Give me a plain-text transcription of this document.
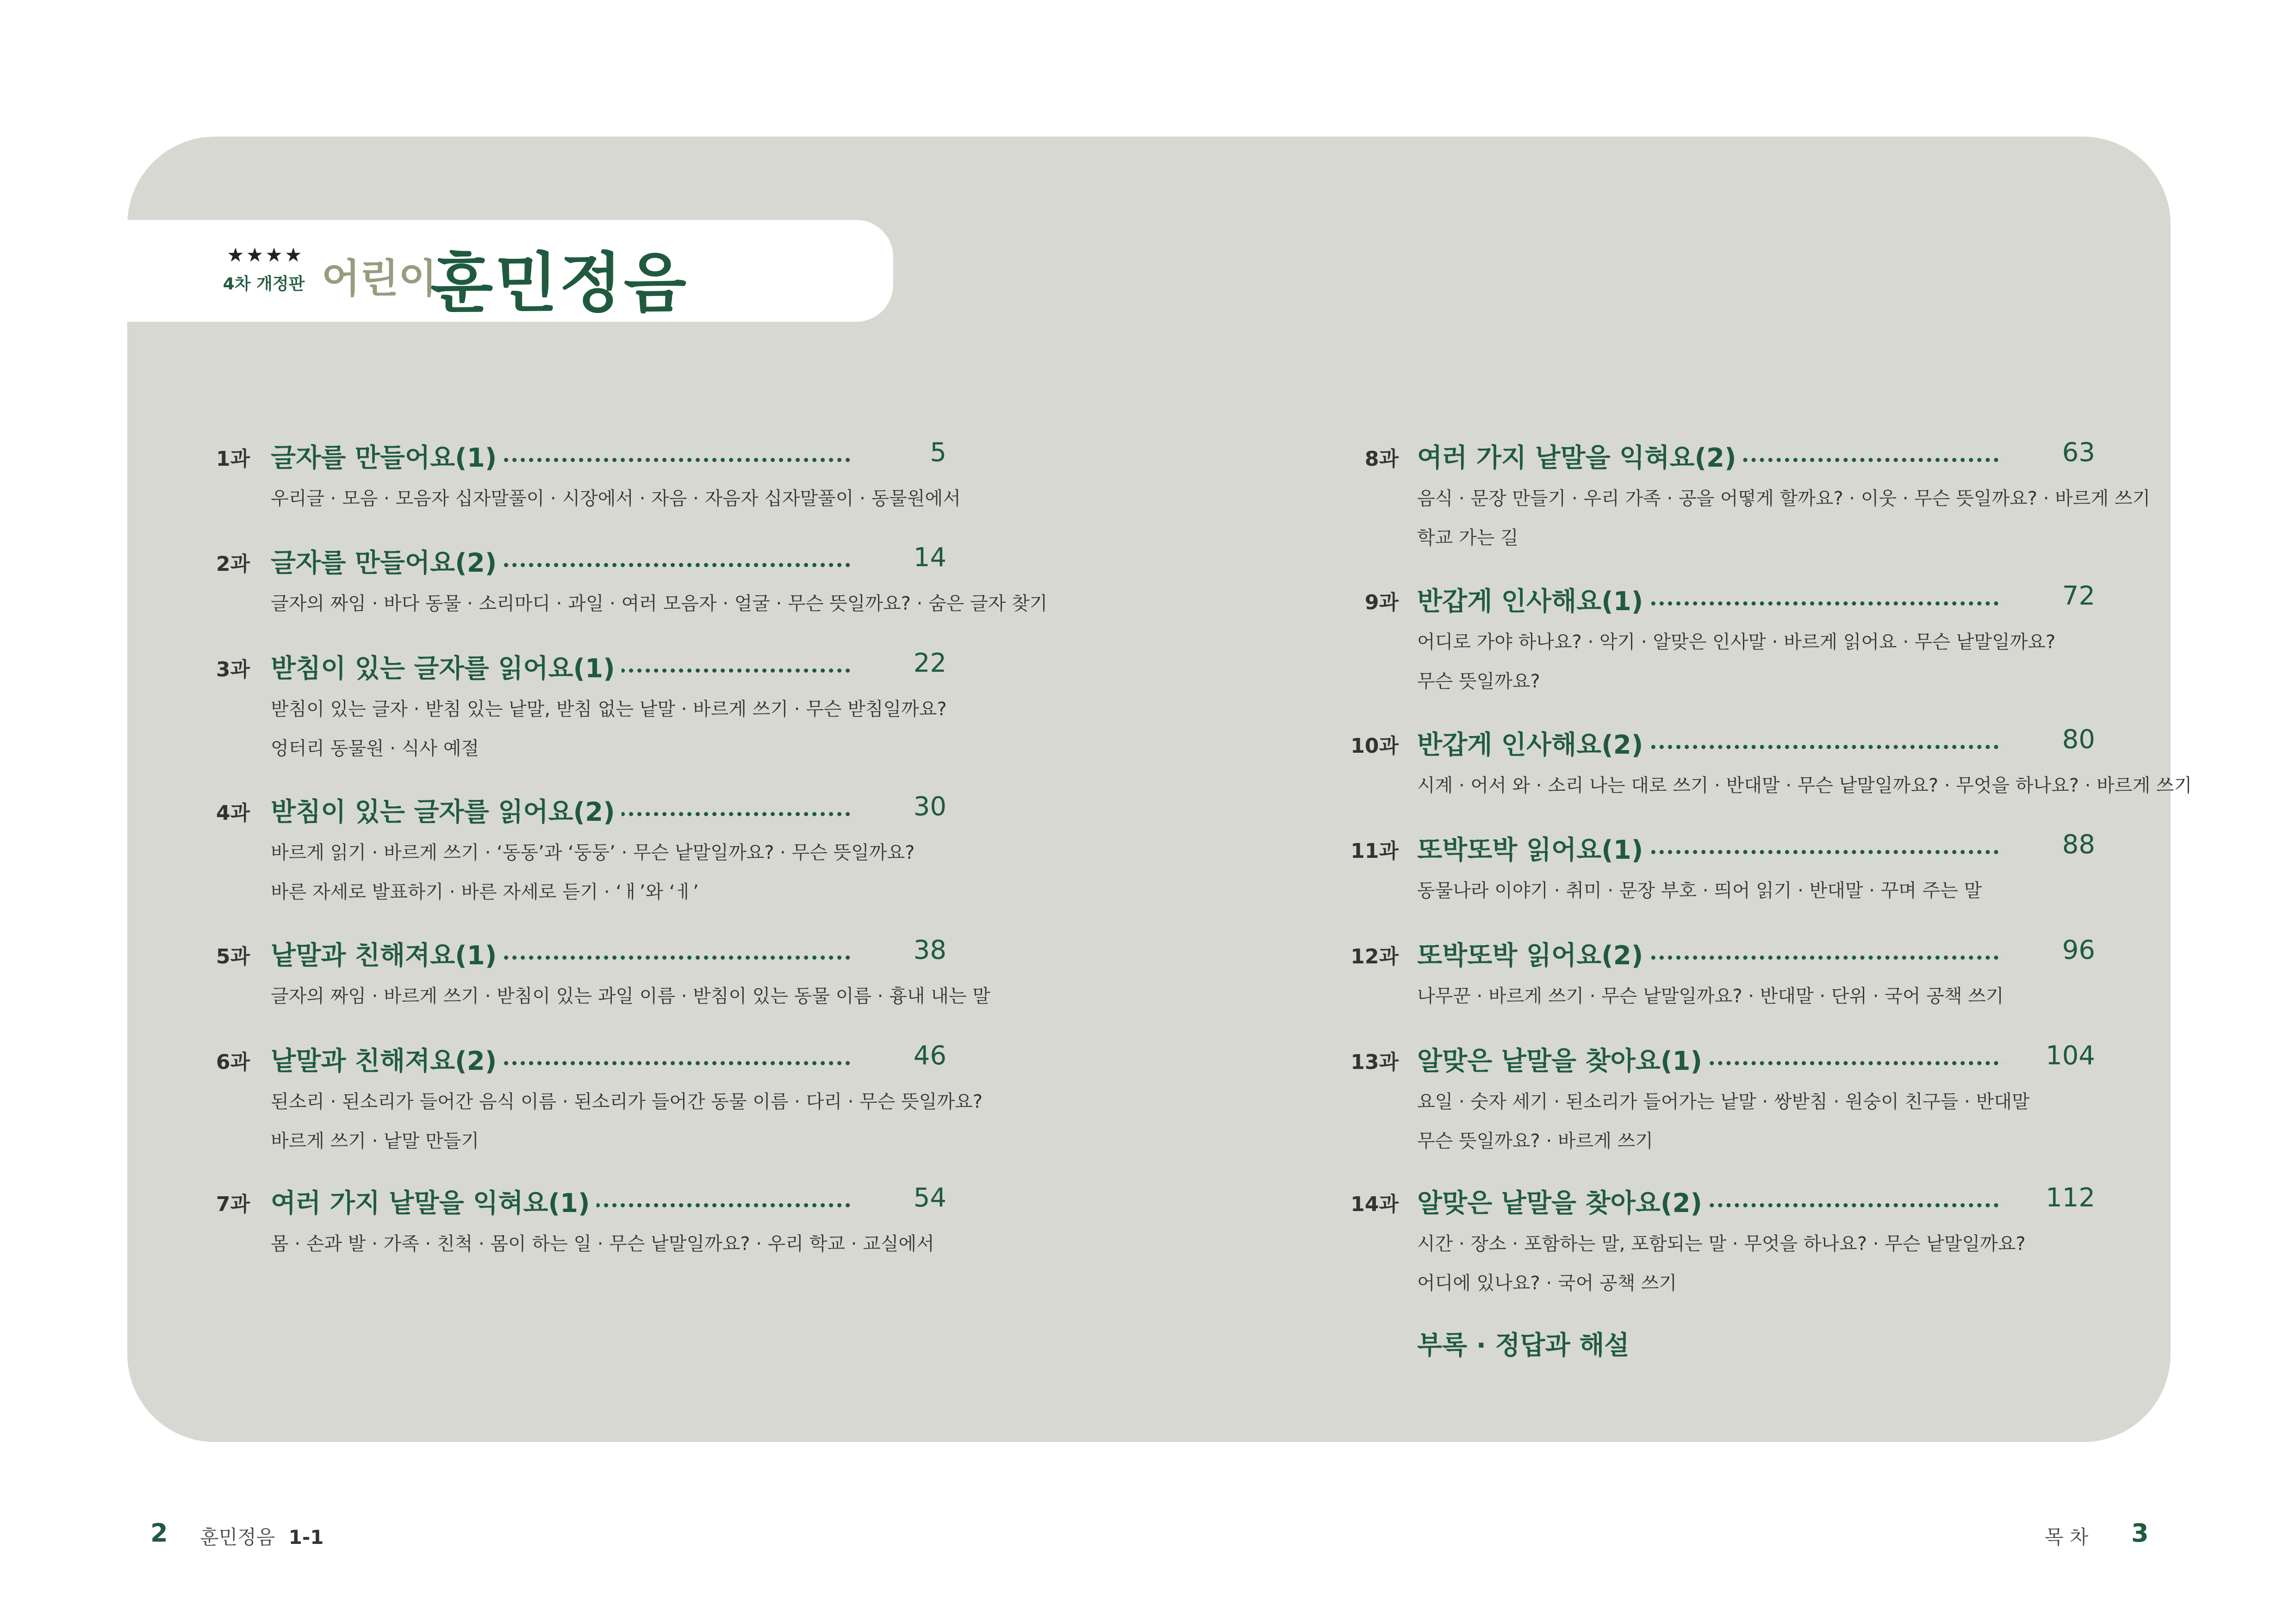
★★★★
4차 개정판 어린이
훈민정음
1과 글자를 만들어요(1)	5
우리글 · 모음 · 모음자 십자말풀이 · 시장에서 · 자음 · 자음자 십자말풀이 · 동물원에서
2과 글자를 만들어요(2)	14
글자의 짜임 · 바다 동물 · 소리마디 · 과일 · 여러 모음자 · 얼굴 · 무슨 뜻일까요? · 숨은 글자 찾기
3과 받침이 있는 글자를 읽어요(1)	22
받침이 있는 글자 · 받침 있는 낱말, 받침 없는 낱말 · 바르게 쓰기 · 무슨 받침일까요?
엉터리 동물원 · 식사 예절
4과 받침이 있는 글자를 읽어요(2)	30
바르게 읽기 · 바르게 쓰기 · ‘동동’과 ‘둥둥’ · 무슨 낱말일까요? · 무슨 뜻일까요?
바른 자세로 발표하기 · 바른 자세로 듣기 · ‘ㅐ’와 ‘ㅔ’
5과 낱말과 친해져요(1)	38
글자의 짜임 · 바르게 쓰기 · 받침이 있는 과일 이름 · 받침이 있는 동물 이름 · 흉내 내는 말
6과 낱말과 친해져요(2)	46
된소리 · 된소리가 들어간 음식 이름 · 된소리가 들어간 동물 이름 · 다리 · 무슨 뜻일까요?
바르게 쓰기 · 낱말 만들기
7과 여러 가지 낱말을 익혀요(1)	54
몸 · 손과 발 · 가족 · 친척 · 몸이 하는 일 · 무슨 낱말일까요? · 우리 학교 · 교실에서
8과 여러 가지 낱말을 익혀요(2)	63
음식 · 문장 만들기 · 우리 가족 · 공을 어떻게 할까요? · 이웃 · 무슨 뜻일까요? · 바르게 쓰기
학교 가는 길
9과 반갑게 인사해요(1)	72
어디로 가야 하나요? · 악기 · 알맞은 인사말 · 바르게 읽어요 · 무슨 낱말일까요?
무슨 뜻일까요?
10과 반갑게 인사해요(2)	80
시계 · 어서 와 · 소리 나는 대로 쓰기 · 반대말 · 무슨 낱말일까요? · 무엇을 하나요? · 바르게 쓰기
11과 또박또박 읽어요(1)	88
동물나라 이야기 · 취미 · 문장 부호 · 띄어 읽기 · 반대말 · 꾸며 주는 말
12과 또박또박 읽어요(2)	96
나무꾼 · 바르게 쓰기 · 무슨 낱말일까요? · 반대말 · 단위 · 국어 공책 쓰기
13과 알맞은 낱말을 찾아요(1)	104
요일 · 숫자 세기 · 된소리가 들어가는 낱말 · 쌍받침 · 원숭이 친구들 · 반대말
무슨 뜻일까요? · 바르게 쓰기
14과 알맞은 낱말을 찾아요(2)	112
시간 · 장소 · 포함하는 말, 포함되는 말 · 무엇을 하나요? · 무슨 낱말일까요?
어디에 있나요? · 국어 공책 쓰기
부록 · 정답과 해설
2 훈민정음 1-1	목 차 3
